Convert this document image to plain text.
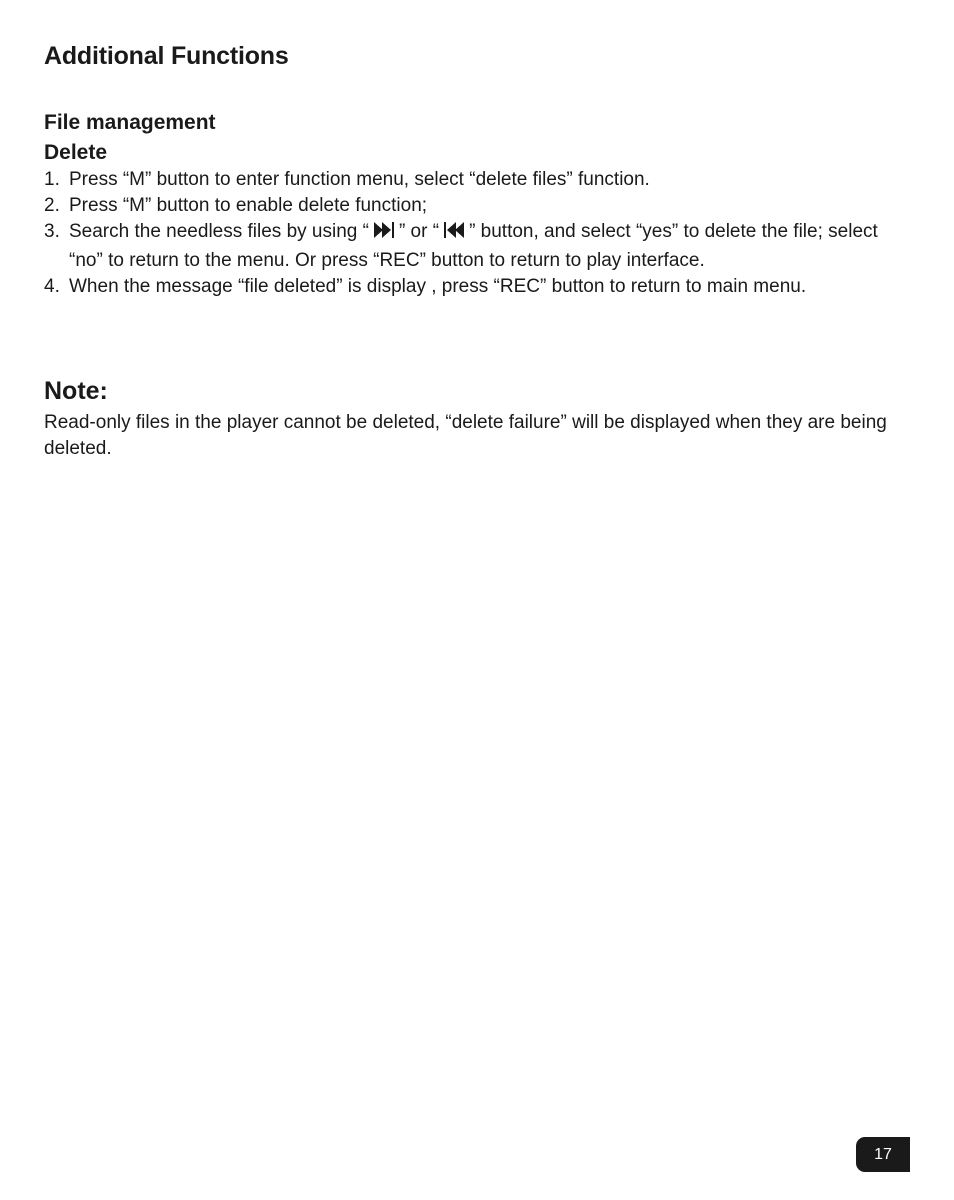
Additional Functions
File management
Delete
1. Press “M” button to enter function menu, select “delete files” function.
2. Press “M” button to enable delete function;
3. Search the needless files by using “ ” or “ ” button, and select “yes” to delete the file; select “no” to return to the menu. Or press “REC” button to return to play interface.
4. When the message “file deleted” is display , press “REC” button to return to main menu.
Note:

Read-only files in the player cannot be deleted, “delete failure” will be displayed when they are being deleted.

17
